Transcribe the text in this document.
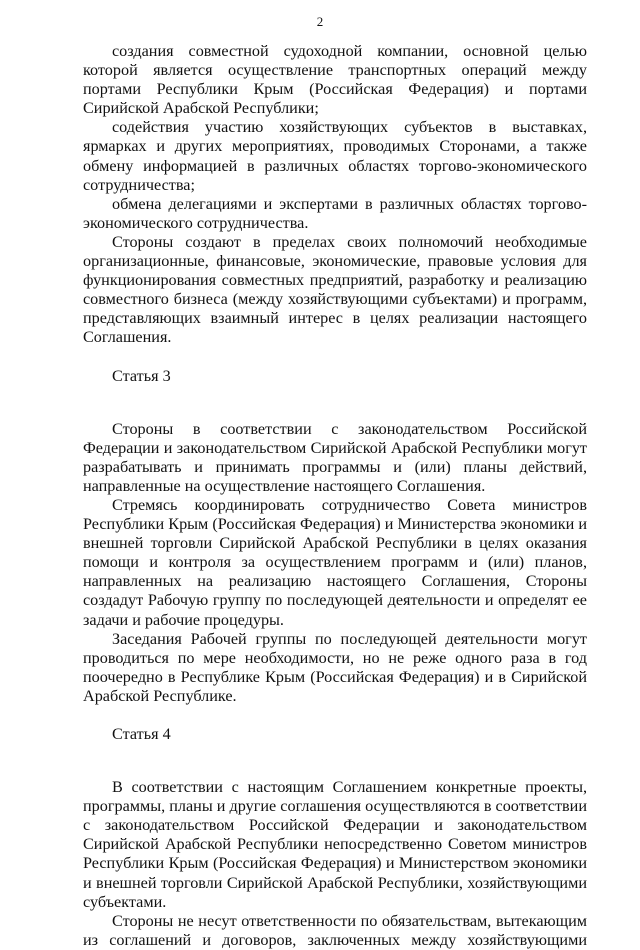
2

создания совместной судоходной компании, основной целью которой является осуществление транспортных операций между портами Республики Крым (Российская Федерация) и портами Сирийской Арабской Республики;

содействия участию хозяйствующих субъектов в выставках, ярмарках и других мероприятиях, проводимых Сторонами, а также обмену информацией в различных областях торгово-экономического сотрудничества;

обмена делегациями и экспертами в различных областях торгово-экономического сотрудничества.

Стороны создают в пределах своих полномочий необходимые организационные, финансовые, экономические, правовые условия для функционирования совместных предприятий, разработку и реализацию совместного бизнеса (между хозяйствующими субъектами) и программ, представляющих взаимный интерес в целях реализации настоящего Соглашения.

Статья 3

Стороны в соответствии с законодательством Российской Федерации и законодательством Сирийской Арабской Республики могут разрабатывать и принимать программы и (или) планы действий, направленные на осуществление настоящего Соглашения.

Стремясь координировать сотрудничество Совета министров Республики Крым (Российская Федерация) и Министерства экономики и внешней торговли Сирийской Арабской Республики в целях оказания помощи и контроля за осуществлением программ и (или) планов, направленных на реализацию настоящего Соглашения, Стороны создадут Рабочую группу по последующей деятельности и определят ее задачи и рабочие процедуры.

Заседания Рабочей группы по последующей деятельности могут проводиться по мере необходимости, но не реже одного раза в год поочередно в Республике Крым (Российская Федерация) и в Сирийской Арабской Республике.

Статья 4

В соответствии с настоящим Соглашением конкретные проекты, программы, планы и другие соглашения осуществляются в соответствии с законодательством Российской Федерации и законодательством Сирийской Арабской Республики непосредственно Советом министров Республики Крым (Российская Федерация) и Министерством экономики и внешней торговли Сирийской Арабской Республики, хозяйствующими субъектами.

Стороны не несут ответственности по обязательствам, вытекающим из соглашений и договоров, заключенных между хозяйствующими
